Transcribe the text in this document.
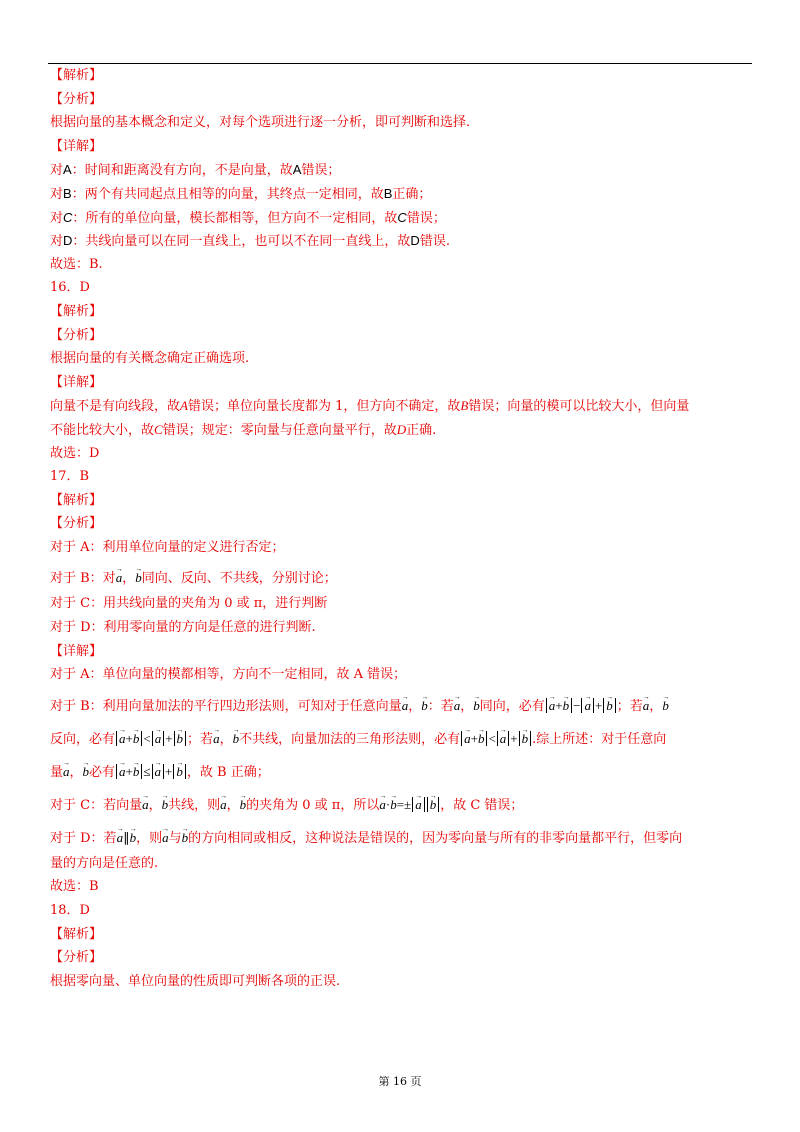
【解析】
【分析】
根据向量的基本概念和定义，对每个选项进行逐一分析，即可判断和选择.
【详解】
对A：时间和距离没有方向，不是向量，故A错误；
对B：两个有共同起点且相等的向量，其终点一定相同，故B正确；
对C：所有的单位向量，模长都相等，但方向不一定相同，故C错误；
对D：共线向量可以在同一直线上，也可以不在同一直线上，故D错误.
故选：B.
16．D
【解析】
【分析】
根据向量的有关概念确定正确选项.
【详解】
向量不是有向线段，故A错误；单位向量长度都为 1，但方向不确定，故B错误；向量的模可以比较大小，但向量
不能比较大小，故C错误；规定：零向量与任意向量平行，故D正确.
故选：D
17．B
【解析】
【分析】
对于 A：利用单位向量的定义进行否定；
对于 B：对→ a，→ b同向、反向、不共线，分别讨论；
对于 C：用共线向量的夹角为 0 或 π，进行判断
对于 D：利用零向量的方向是任意的进行判断.
【详解】
对于 A：单位向量的模都相等，方向不一定相同，故 A 错误；
对于 B：利用向量加法的平行四边形法则，可知对于任意向量→ a，→ b：若→ a，→ b同向，必有 → a+→ b − → a + → b ；若→ a，→ b
反向，必有 → a+→ b < → a + → b ；若→ a，→ b不共线，向量加法的三角形法则，必有 → a+→ b < → a + → b .综上所述：对于任意向
量→ a，→ b必有 → a+→ b ≤ → a + → b ，故 B 正确；
对于 C：若向量→ a，→ b共线，则→ a，→ b的夹角为 0 或 π，所以→ a·→ b=± → a → b ，故 C 错误；
对于 D：若→ a∥→ b，则→ a与→ b的方向相同或相反，这种说法是错误的，因为零向量与所有的非零向量都平行，但零向
量的方向是任意的.
故选：B
18．D
【解析】
【分析】
根据零向量、单位向量的性质即可判断各项的正误.
第 16 页
